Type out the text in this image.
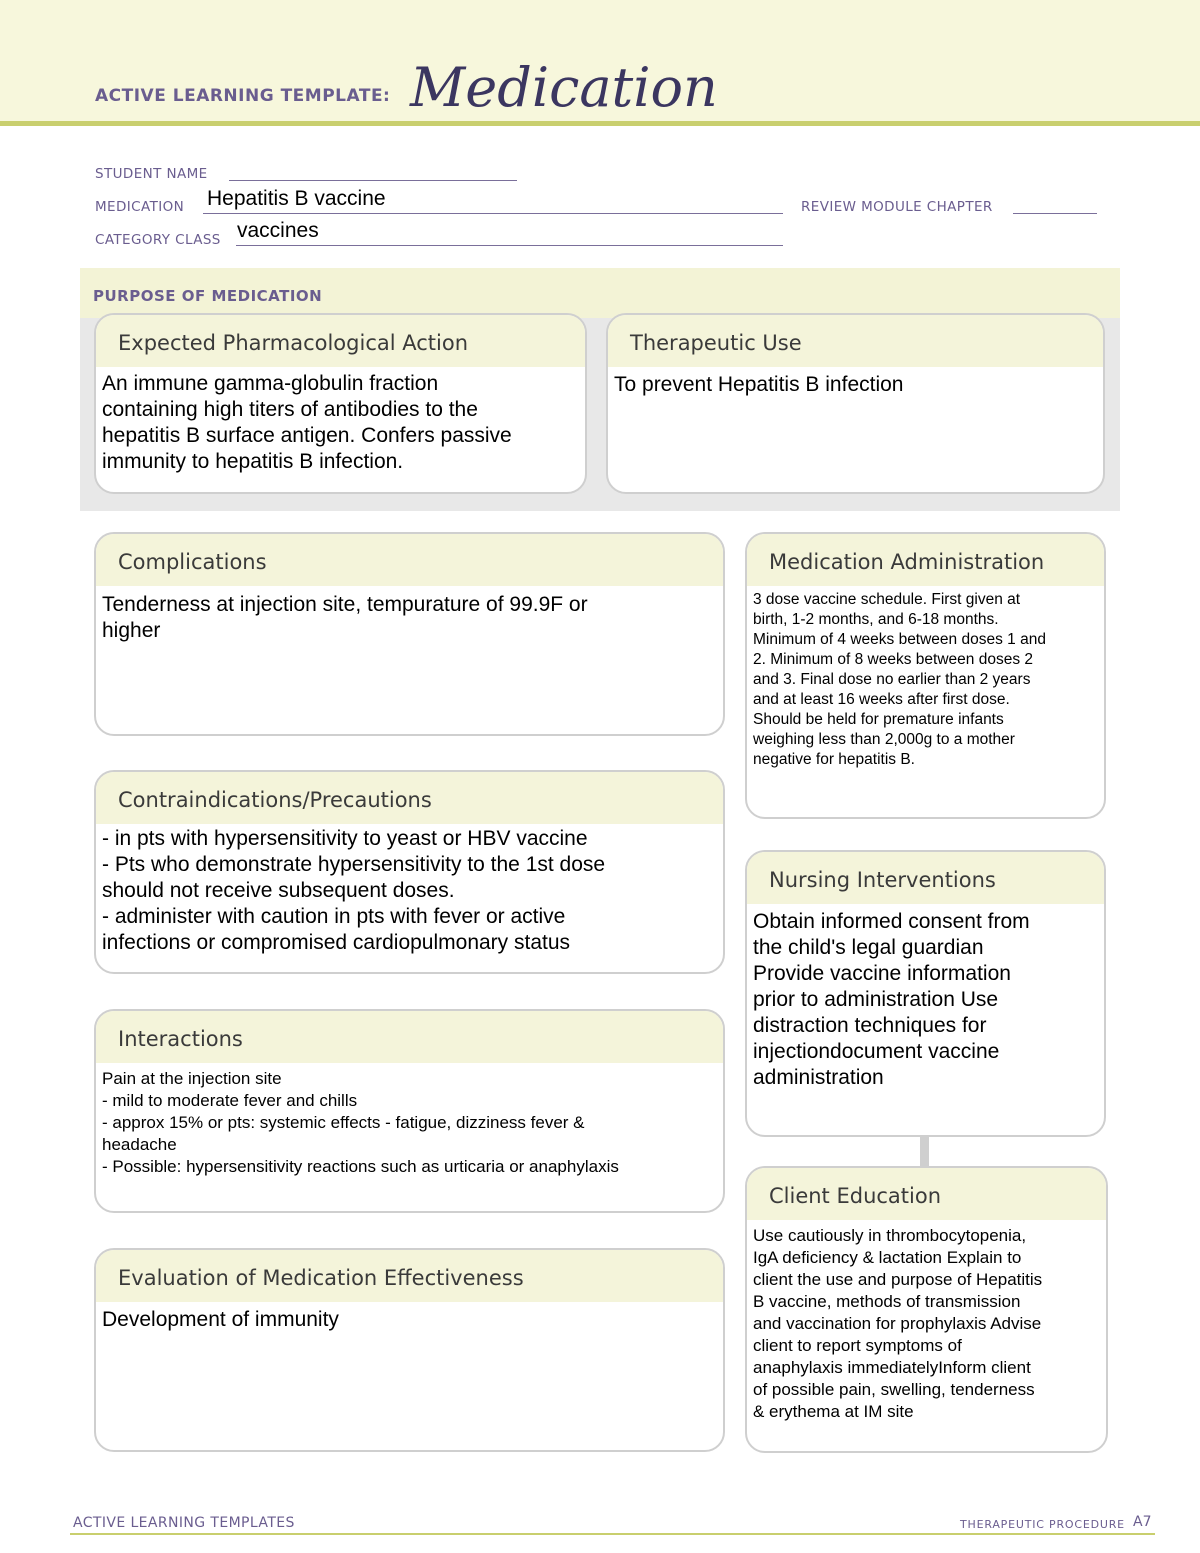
ACTIVE LEARNING TEMPLATE: Medication
STUDENT NAME
MEDICATION Hepatitis B vaccine	REVIEW MODULE CHAPTER
CATEGORY CLASS vaccines
PURPOSE OF MEDICATION
Expected Pharmacological Action
An immune gamma-globulin fraction
containing high titers of antibodies to the
hepatitis B surface antigen. Confers passive
immunity to hepatitis B infection.
Therapeutic Use
To prevent Hepatitis B infection
Complications
Tenderness at injection site, tempurature of 99.9F or
higher
Contraindications/Precautions
- in pts with hypersensitivity to yeast or HBV vaccine
- Pts who demonstrate hypersensitivity to the 1st dose
should not receive subsequent doses.
- administer with caution in pts with fever or active
infections or compromised cardiopulmonary status
Interactions
Pain at the injection site
- mild to moderate fever and chills
- approx 15% or pts: systemic effects - fatigue, dizziness fever &
headache
- Possible: hypersensitivity reactions such as urticaria or anaphylaxis
Evaluation of Medication Effectiveness
Development of immunity
Medication Administration
3 dose vaccine schedule. First given at
birth, 1-2 months, and 6-18 months.
Minimum of 4 weeks between doses 1 and
2. Minimum of 8 weeks between doses 2
and 3. Final dose no earlier than 2 years
and at least 16 weeks after first dose.
Should be held for premature infants
weighing less than 2,000g to a mother
negative for hepatitis B.
Nursing Interventions
Obtain informed consent from
the child's legal guardian
Provide vaccine information
prior to administration Use
distraction techniques for
injectiondocument vaccine
administration
Client Education
Use cautiously in thrombocytopenia,
IgA deficiency & lactation Explain to
client the use and purpose of Hepatitis
B vaccine, methods of transmission
and vaccination for prophylaxis Advise
client to report symptoms of
anaphylaxis immediatelyInform client
of possible pain, swelling, tenderness
& erythema at IM site
ACTIVE LEARNING TEMPLATES	THERAPEUTIC PROCEDURE A7
